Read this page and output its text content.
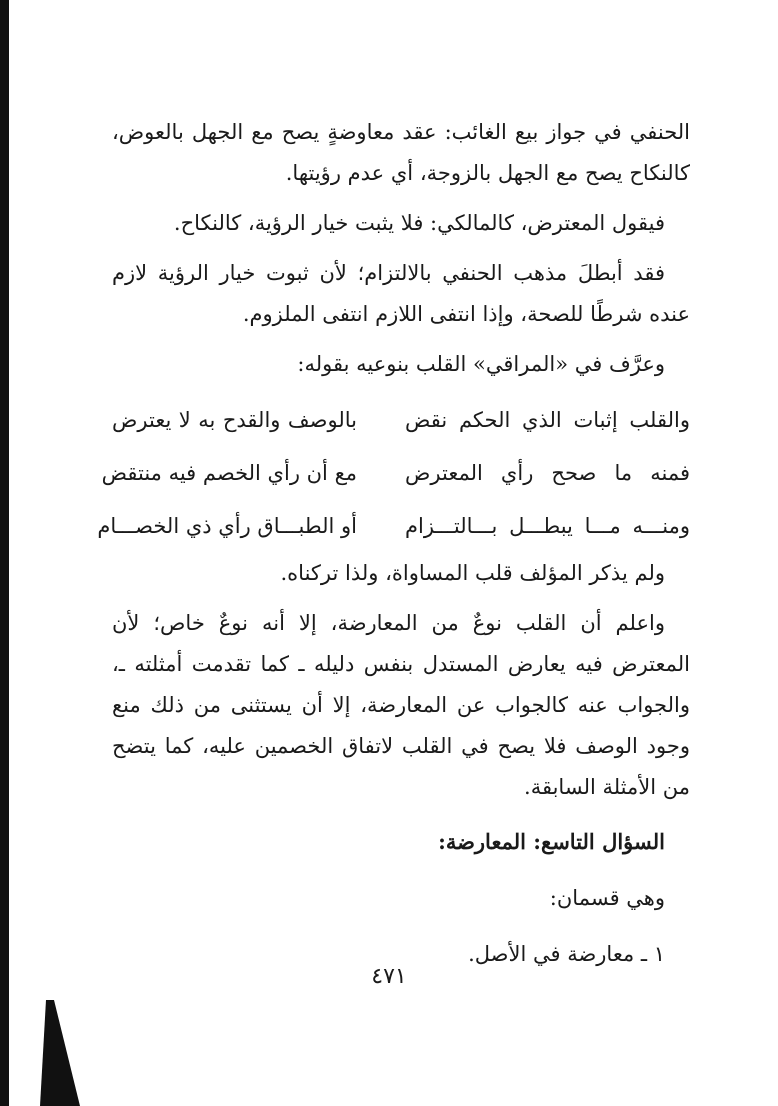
الحنفي في جواز بيع الغائب: عقد معاوضةٍ يصح مع الجهل بالعوض، كالنكاح يصح مع الجهل بالزوجة، أي عدم رؤيتها.

فيقول المعترض، كالمالكي: فلا يثبت خيار الرؤية، كالنكاح.

فقد أبطلَ مذهب الحنفي بالالتزام؛ لأن ثبوت خيار الرؤية لازم عنده شرطًا للصحة، وإذا انتفى اللازم انتفى الملزوم.

وعرَّف في «المراقي» القلب بنوعيه بقوله:

والقلب إثبات الذي الحكم نقض
بالوصف والقدح به لا يعترض
فمنه ما صحح رأي المعترض
مع أن رأي الخصم فيه منتقض
ومنـــه مـــا يبطـــل بـــالتـــزام
أو الطبـــاق رأي ذي الخصـــام

ولم يذكر المؤلف قلب المساواة، ولذا تركناه.

واعلم أن القلب نوعٌ من المعارضة، إلا أنه نوعٌ خاص؛ لأن المعترض فيه يعارض المستدل بنفس دليله ـ كما تقدمت أمثلته ـ، والجواب عنه كالجواب عن المعارضة، إلا أن يستثنى من ذلك منع وجود الوصف فلا يصح في القلب لاتفاق الخصمين عليه، كما يتضح من الأمثلة السابقة.

السؤال التاسع: المعارضة:

وهي قسمان:

١ ـ معارضة في الأصل.

٤٧١
